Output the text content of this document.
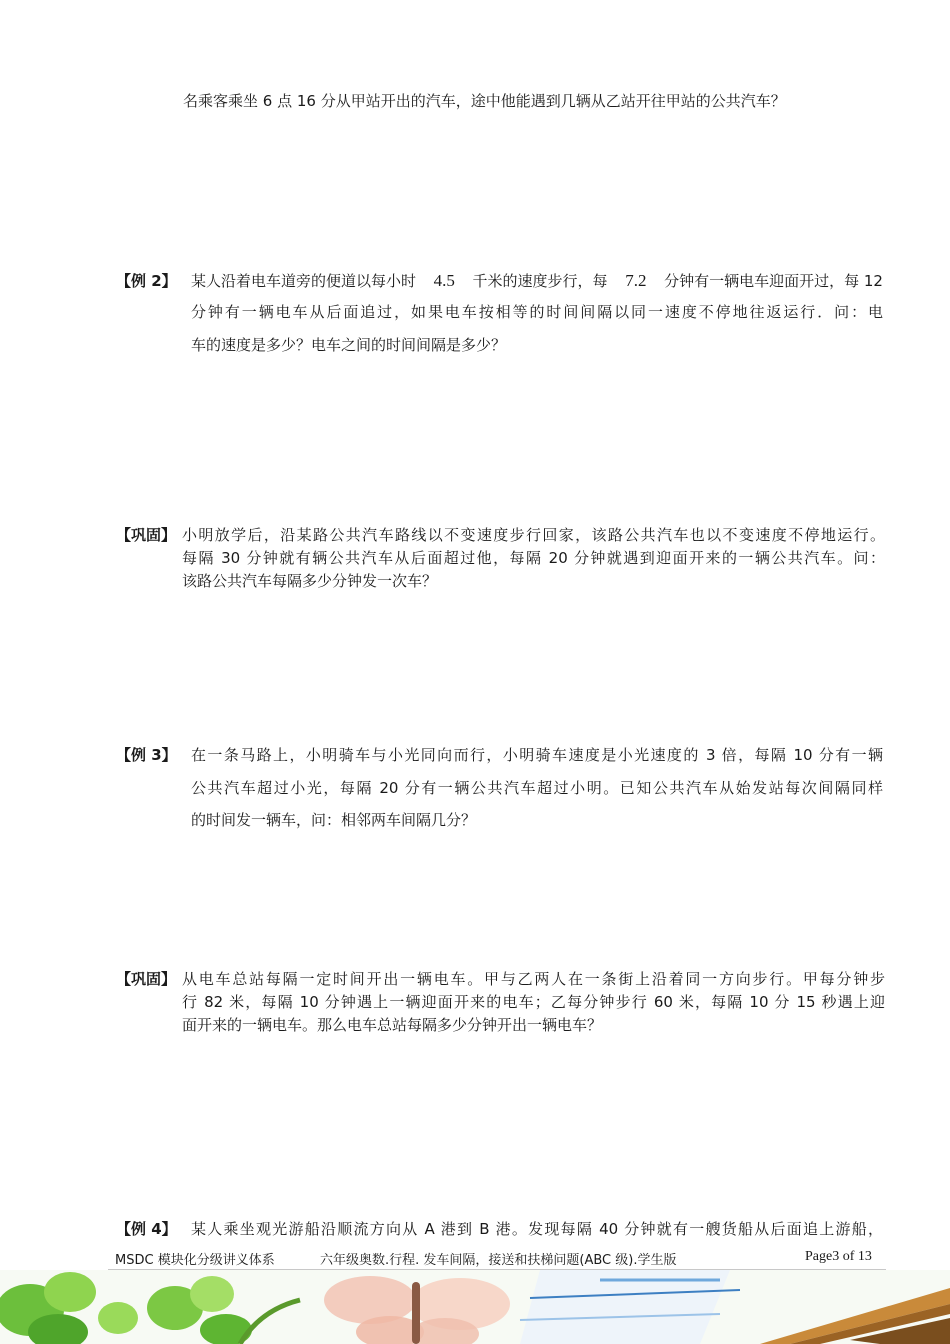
名乘客乘坐 6 点 16 分从甲站开出的汽车，途中他能遇到几辆从乙站开往甲站的公共汽车？
【例 2】 某人沿着电车道旁的便道以每小时 4.5 千米的速度步行，每 7.2 分钟有一辆电车迎面开过，每 12
分钟有一辆电车从后面追过，如果电车按相等的时间间隔以同一速度不停地往返运行．问：电
车的速度是多少？电车之间的时间间隔是多少？
【巩固】 小明放学后，沿某路公共汽车路线以不变速度步行回家，该路公共汽车也以不变速度不停地运行。
每隔 30 分钟就有辆公共汽车从后面超过他，每隔 20 分钟就遇到迎面开来的一辆公共汽车。问：
该路公共汽车每隔多少分钟发一次车？
【例 3】 在一条马路上，小明骑车与小光同向而行，小明骑车速度是小光速度的 3 倍，每隔 10 分有一辆
公共汽车超过小光，每隔 20 分有一辆公共汽车超过小明。已知公共汽车从始发站每次间隔同样
的时间发一辆车，问：相邻两车间隔几分？
【巩固】 从电车总站每隔一定时间开出一辆电车。甲与乙两人在一条街上沿着同一方向步行。甲每分钟步
行 82 米，每隔 10 分钟遇上一辆迎面开来的电车；乙每分钟步行 60 米，每隔 10 分 15 秒遇上迎
面开来的一辆电车。那么电车总站每隔多少分钟开出一辆电车？
【例 4】 某人乘坐观光游船沿顺流方向从 A 港到 B 港。发现每隔 40 分钟就有一艘货船从后面追上游船，
MSDC 模块化分级讲义体系	六年级奥数.行程. 发车间隔，接送和扶梯问题(ABC 级).学生版	Page3 of 13
